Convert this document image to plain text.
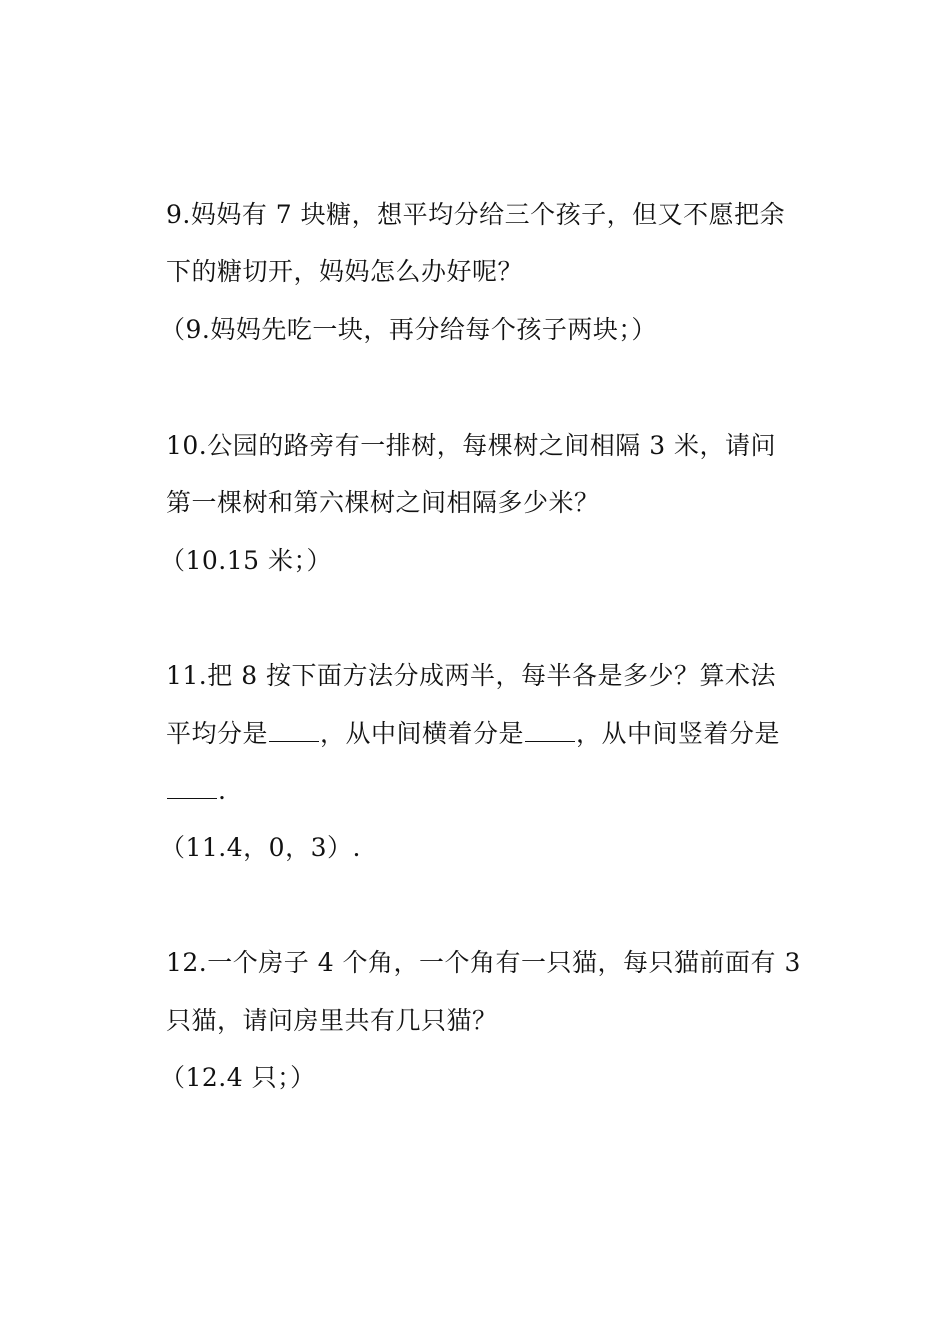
9.妈妈有 7 块糖，想平均分给三个孩子，但又不愿把余
下的糖切开，妈妈怎么办好呢？
（9.妈妈先吃一块，再分给每个孩子两块；）
10.公园的路旁有一排树，每棵树之间相隔 3 米，请问
第一棵树和第六棵树之间相隔多少米？
（10.15 米；）
11.把 8 按下面方法分成两半，每半各是多少？算术法
平均分是 ，从中间横着分是 ，从中间竖着分是
.
（11.4，0，3）.
12.一个房子 4 个角，一个角有一只猫，每只猫前面有 3
只猫，请问房里共有几只猫？
（12.4 只；）
